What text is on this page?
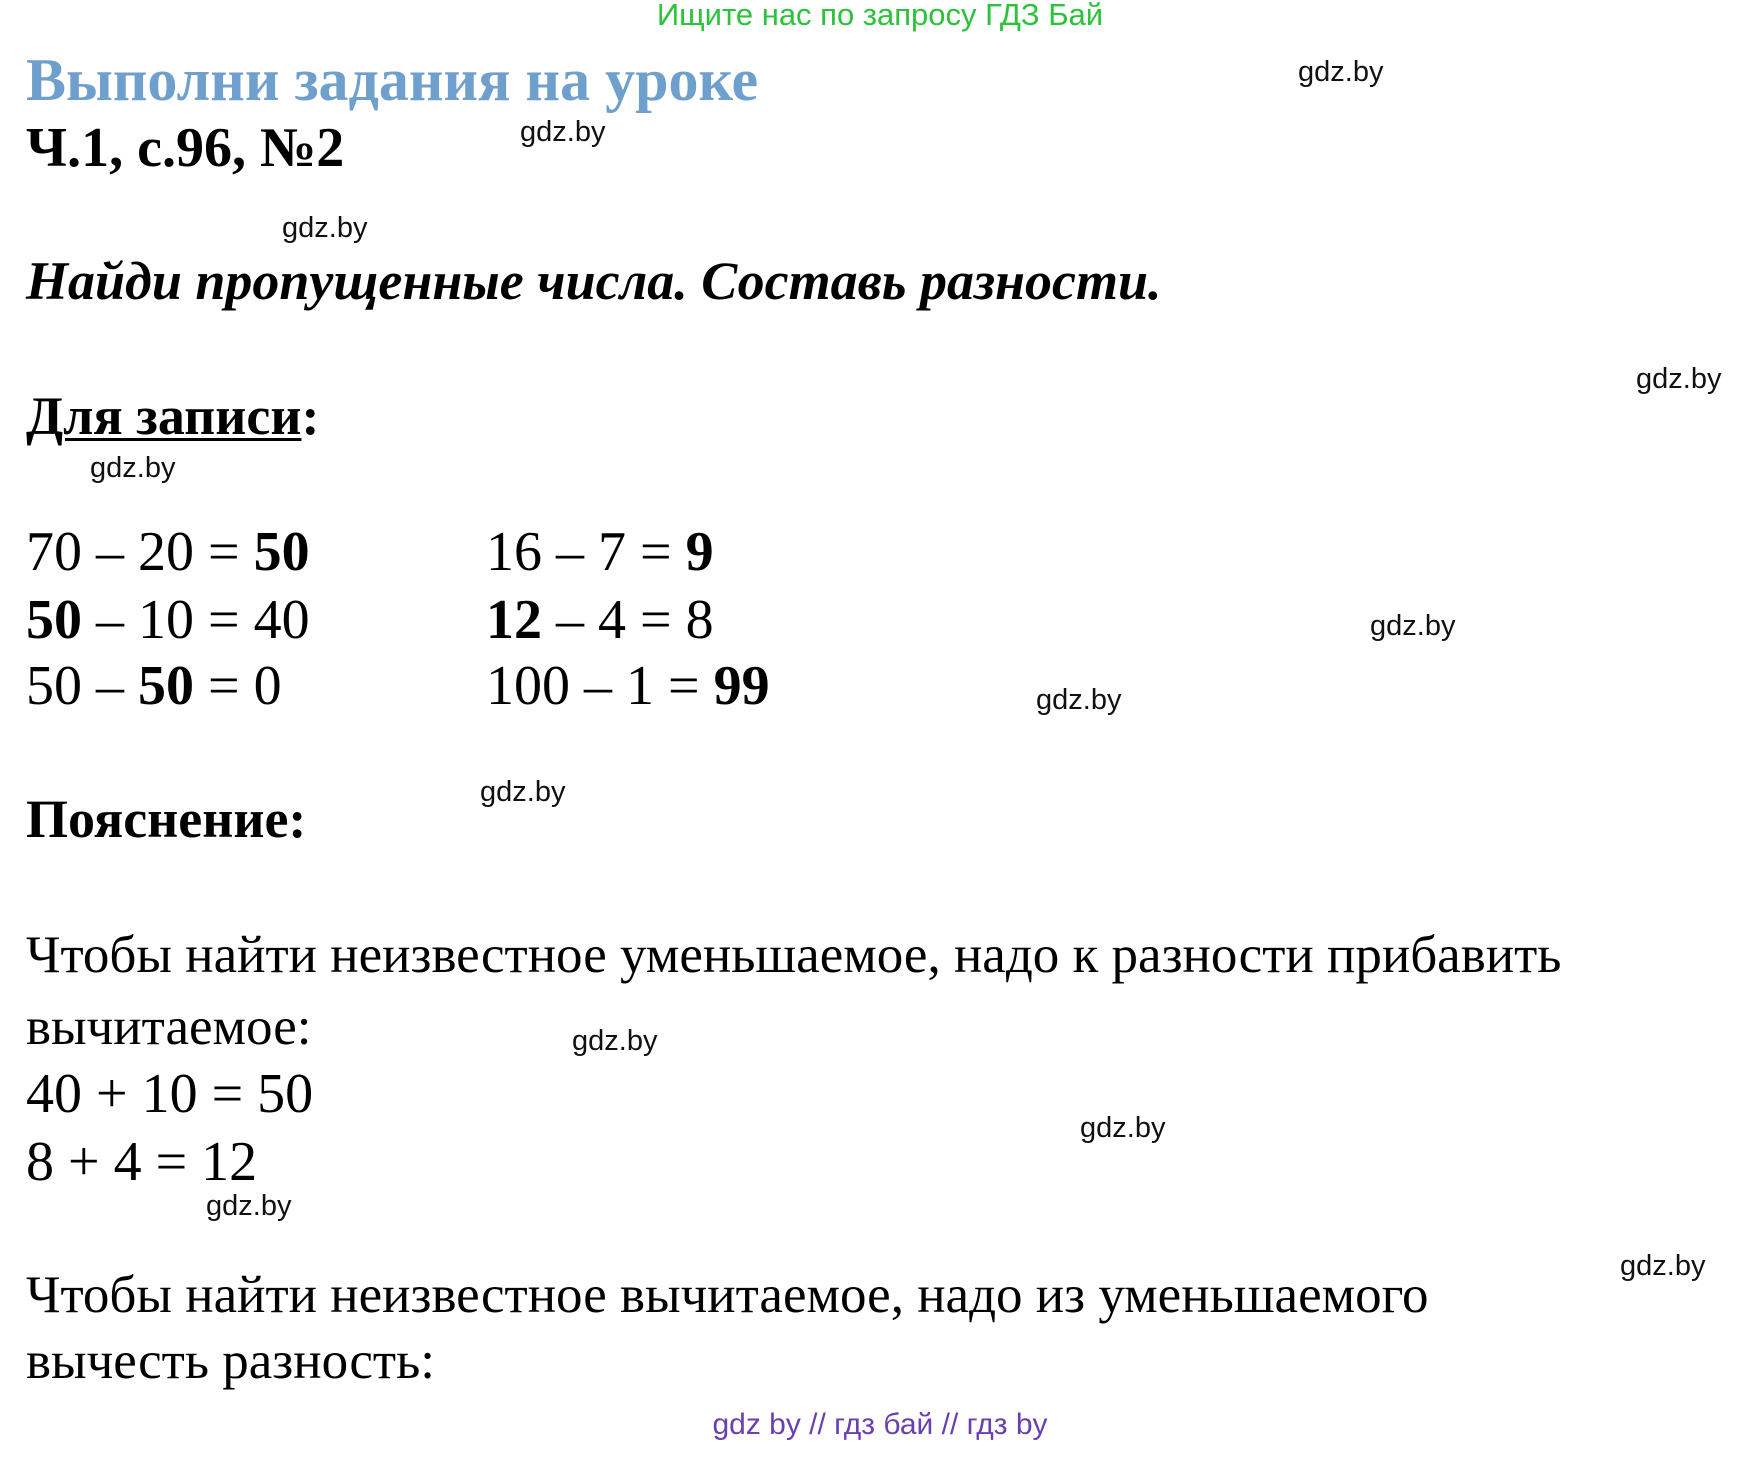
Ищите нас по запросу ГДЗ Бай
Выполни задания на уроке
Ч.1, с.96, №2
Найди пропущенные числа. Составь разности.
Для записи:
70 – 20 = 50
50 – 10 = 40
50 – 50 = 0
16 – 7 = 9
12 – 4 = 8
100 – 1 = 99
Пояснение:
Чтобы найти неизвестное уменьшаемое, надо к разности прибавить
вычитаемое:
40 + 10 = 50
8 + 4 = 12
Чтобы найти неизвестное вычитаемое, надо из уменьшаемого
вычесть разность:
gdz.by
gdz.by
gdz.by
gdz.by
gdz.by
gdz.by
gdz.by
gdz.by
gdz.by
gdz.by
gdz.by
gdz.by
gdz by // гдз бай // гдз by
